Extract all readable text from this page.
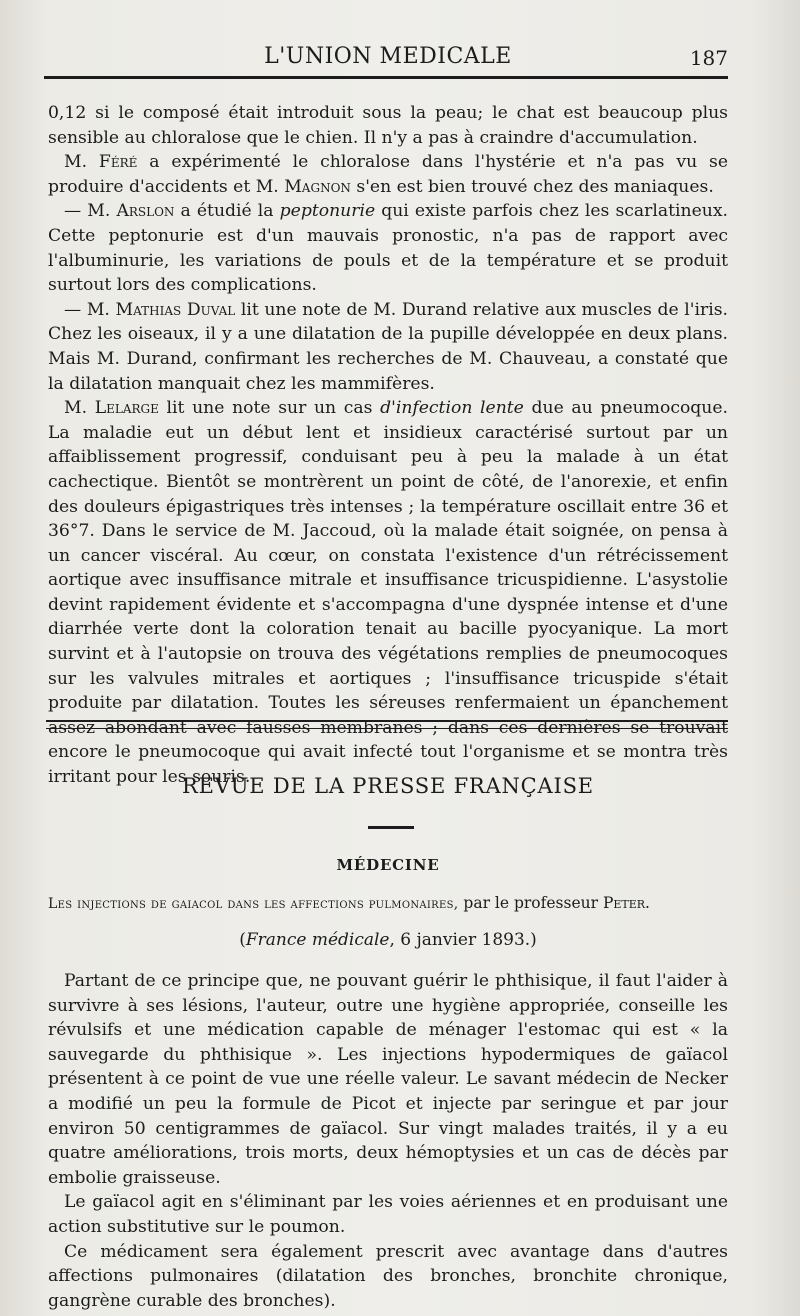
L'UNION MEDICALE	187

0,12 si le composé était introduit sous la peau; le chat est beaucoup plus sensible au chloralose que le chien. Il n'y a pas à craindre d'accumulation.

M. Féré a expérimenté le chloralose dans l'hystérie et n'a pas vu se produire d'accidents et M. Magnon s'en est bien trouvé chez des maniaques.

— M. Arslon a étudié la peptonurie qui existe parfois chez les scarlatineux. Cette peptonurie est d'un mauvais pronostic, n'a pas de rapport avec l'albuminurie, les variations de pouls et de la température et se produit surtout lors des complications.

— M. Mathias Duval lit une note de M. Durand relative aux muscles de l'iris. Chez les oiseaux, il y a une dilatation de la pupille développée en deux plans. Mais M. Durand, confirmant les recherches de M. Chauveau, a constaté que la dilatation manquait chez les mammifères.

M. Lelarge lit une note sur un cas d'infection lente due au pneumocoque. La maladie eut un début lent et insidieux caractérisé surtout par un affaiblissement progressif, conduisant peu à peu la malade à un état cachectique. Bientôt se montrèrent un point de côté, de l'anorexie, et enfin des douleurs épigastriques très intenses ; la température oscillait entre 36 et 36°7. Dans le service de M. Jaccoud, où la malade était soignée, on pensa à un cancer viscéral. Au cœur, on constata l'existence d'un rétrécissement aortique avec insuffisance mitrale et insuffisance tricuspidienne. L'asystolie devint rapidement évidente et s'accompagna d'une dyspnée intense et d'une diarrhée verte dont la coloration tenait au bacille pyocyanique. La mort survint et à l'autopsie on trouva des végétations remplies de pneumocoques sur les valvules mitrales et aortiques ; l'insuffisance tricuspide s'était produite par dilatation. Toutes les séreuses renfermaient un épanchement assez abondant avec fausses membranes ; dans ces dernières se trouvait encore le pneumocoque qui avait infecté tout l'organisme et se montra très irritant pour les souris.

REVUE DE LA PRESSE FRANÇAISE
MÉDECINE
Les injections de gaiacol dans les affections pulmonaires, par le professeur Peter.
(France médicale, 6 janvier 1893.)

Partant de ce principe que, ne pouvant guérir le phthisique, il faut l'aider à survivre à ses lésions, l'auteur, outre une hygiène appropriée, conseille les révulsifs et une médication capable de ménager l'estomac qui est « la sauvegarde du phthisique ». Les injections hypodermiques de gaïacol présentent à ce point de vue une réelle valeur. Le savant médecin de Necker a modifié un peu la formule de Picot et injecte par seringue et par jour environ 50 centigrammes de gaïacol. Sur vingt malades traités, il y a eu quatre améliorations, trois morts, deux hémoptysies et un cas de décès par embolie graisseuse.

Le gaïacol agit en s'éliminant par les voies aériennes et en produisant une action substitutive sur le poumon.

Ce médicament sera également prescrit avec avantage dans d'autres affections pulmonaires (dilatation des bronches, bronchite chronique, gangrène curable des bronches).
